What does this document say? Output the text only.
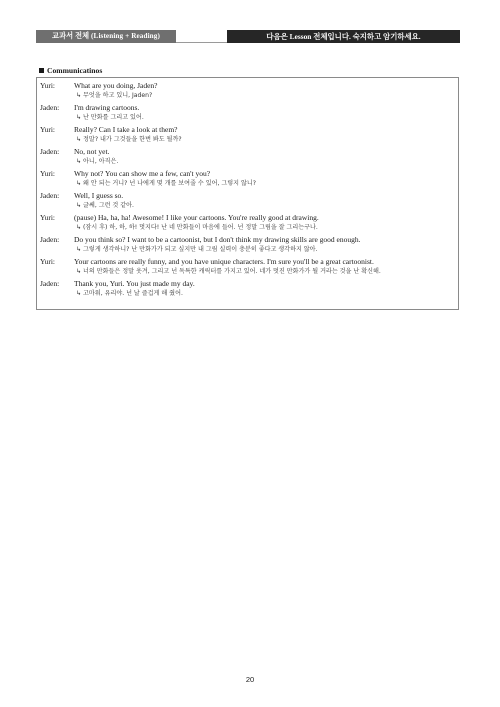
교과서 전체 (Listening + Reading)	다음은 Lesson 전체입니다. 숙지하고 암기하세요.
Communicatinos
Yuri:	What are you doing, Jaden?
↳ 무엇을 하고 있니, Jaden?
Jaden:	I'm drawing cartoons.
↳ 난 만화를 그리고 있어.
Yuri:	Really? Can I take a look at them?
↳ 정말? 내가 그것들을 한번 봐도 될까?
Jaden:	No, not yet.
↳ 아니, 아직은.
Yuri:	Why not? You can show me a few, can't you?
↳ 왜 안 되는 거니? 넌 나에게 몇 개를 보여줄 수 있어, 그렇지 않니?
Jaden:	Well, I guess so.
↳ 글쎄, 그런 것 같아.
Yuri:	(pause) Ha, ha, ha! Awesome! I like your cartoons. You're really good at drawing.
↳ (잠시 후) 하, 하, 하! 멋지다! 난 네 만화들이 마음에 들어. 넌 정말 그림을 잘 그리는구나.
Jaden:	Do you think so? I want to be a cartoonist, but I don't think my drawing skills are good enough.
↳ 그렇게 생각하니? 난 만화가가 되고 싶지만 내 그림 실력이 충분히 좋다고 생각하지 않아.
Yuri:	Your cartoons are really funny, and you have unique characters. I'm sure you'll be a great cartoonist.
↳ 너의 만화들은 정말 웃겨, 그리고 넌 독특한 캐릭터를 가지고 있어. 네가 멋진 만화가가 될 거라는 것을 난 확신해.
Jaden:	Thank you, Yuri. You just made my day.
↳ 고마워, 유리야. 넌 날 즐겁게 해 줬어.
20
